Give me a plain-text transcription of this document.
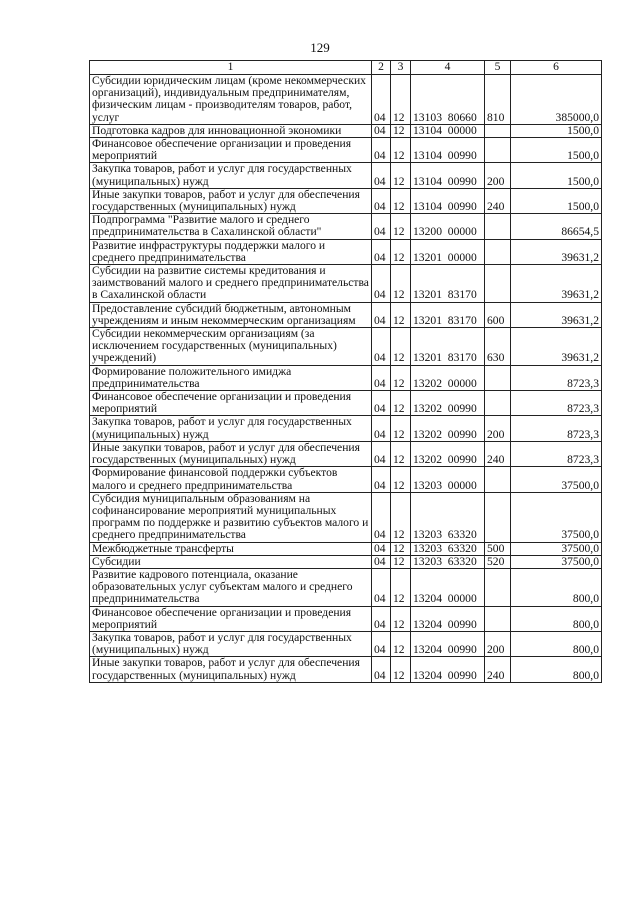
129
1	2	3	4	5	6
Субсидии юридическим лицам (кроме некоммерческих организаций), индивидуальным предпринимателям, физическим лицам - производителям товаров, работ, услуг	04	12	13103  80660	810	385000,0
Подготовка кадров для инновационной экономики	04	12	13104  00000		1500,0
Финансовое обеспечение организации и проведения мероприятий	04	12	13104  00990		1500,0
Закупка товаров, работ и услуг для государственных (муниципальных) нужд	04	12	13104  00990	200	1500,0
Иные закупки товаров, работ и услуг для обеспечения государственных (муниципальных) нужд	04	12	13104  00990	240	1500,0
Подпрограмма "Развитие малого и среднего предпринимательства в Сахалинской области"	04	12	13200  00000		86654,5
Развитие инфраструктуры поддержки малого и среднего предпринимательства	04	12	13201  00000		39631,2
Субсидии на развитие системы кредитования и заимствований малого и среднего предпринимательства в Сахалинской области	04	12	13201  83170		39631,2
Предоставление субсидий бюджетным, автономным учреждениям и иным некоммерческим организациям	04	12	13201  83170	600	39631,2
Субсидии некоммерческим организациям (за исключением государственных (муниципальных) учреждений)	04	12	13201  83170	630	39631,2
Формирование положительного имиджа предпринимательства	04	12	13202  00000		8723,3
Финансовое обеспечение организации и проведения мероприятий	04	12	13202  00990		8723,3
Закупка товаров, работ и услуг для государственных (муниципальных) нужд	04	12	13202  00990	200	8723,3
Иные закупки товаров, работ и услуг для обеспечения государственных (муниципальных) нужд	04	12	13202  00990	240	8723,3
Формирование финансовой поддержки субъектов малого и среднего предпринимательства	04	12	13203  00000		37500,0
Субсидия муниципальным образованиям на софинансирование мероприятий муниципальных программ по поддержке и развитию субъектов малого и среднего предпринимательства	04	12	13203  63320		37500,0
Межбюджетные трансферты	04	12	13203  63320	500	37500,0
Субсидии	04	12	13203  63320	520	37500,0
Развитие кадрового потенциала, оказание образовательных услуг субъектам малого и среднего предпринимательства	04	12	13204  00000		800,0
Финансовое обеспечение организации и проведения мероприятий	04	12	13204  00990		800,0
Закупка товаров, работ и услуг для государственных (муниципальных) нужд	04	12	13204  00990	200	800,0
Иные закупки товаров, работ и услуг для обеспечения государственных (муниципальных) нужд	04	12	13204  00990	240	800,0
